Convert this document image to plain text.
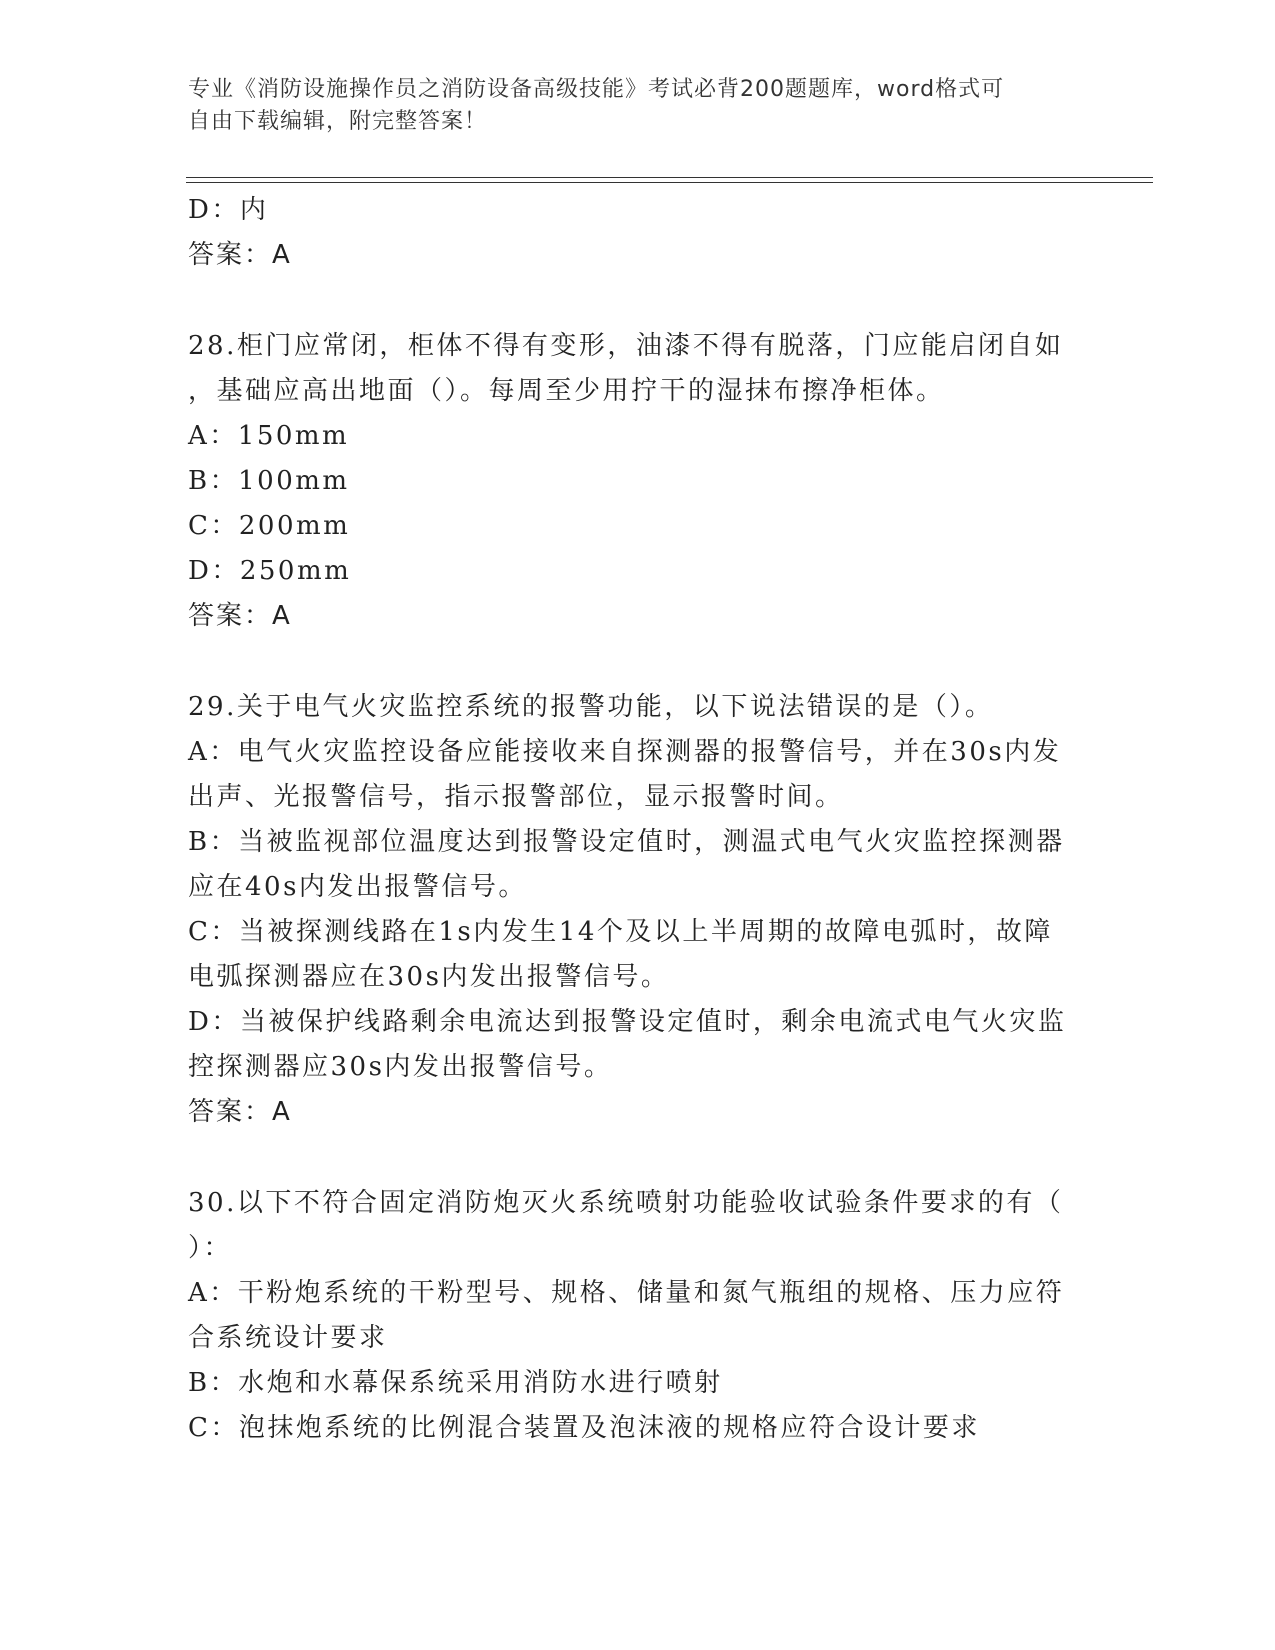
专业《消防设施操作员之消防设备高级技能》考试必背200题题库，word格式可
自由下载编辑，附完整答案！
D：内
答案：A
28.柜门应常闭，柜体不得有变形，油漆不得有脱落，门应能启闭自如
，基础应高出地面（）。每周至少用拧干的湿抹布擦净柜体。
A：150mm
B：100mm
C：200mm
D：250mm
答案：A
29.关于电气火灾监控系统的报警功能，以下说法错误的是（）。
A：电气火灾监控设备应能接收来自探测器的报警信号，并在30s内发
出声、光报警信号，指示报警部位，显示报警时间。
B：当被监视部位温度达到报警设定值时，测温式电气火灾监控探测器
应在40s内发出报警信号。
C：当被探测线路在1s内发生14个及以上半周期的故障电弧时，故障
电弧探测器应在30s内发出报警信号。
D：当被保护线路剩余电流达到报警设定值时，剩余电流式电气火灾监
控探测器应30s内发出报警信号。
答案：A
30.以下不符合固定消防炮灭火系统喷射功能验收试验条件要求的有（
）：
A：干粉炮系统的干粉型号、规格、储量和氮气瓶组的规格、压力应符
合系统设计要求
B：水炮和水幕保系统采用消防水进行喷射
C：泡抹炮系统的比例混合装置及泡沫液的规格应符合设计要求
